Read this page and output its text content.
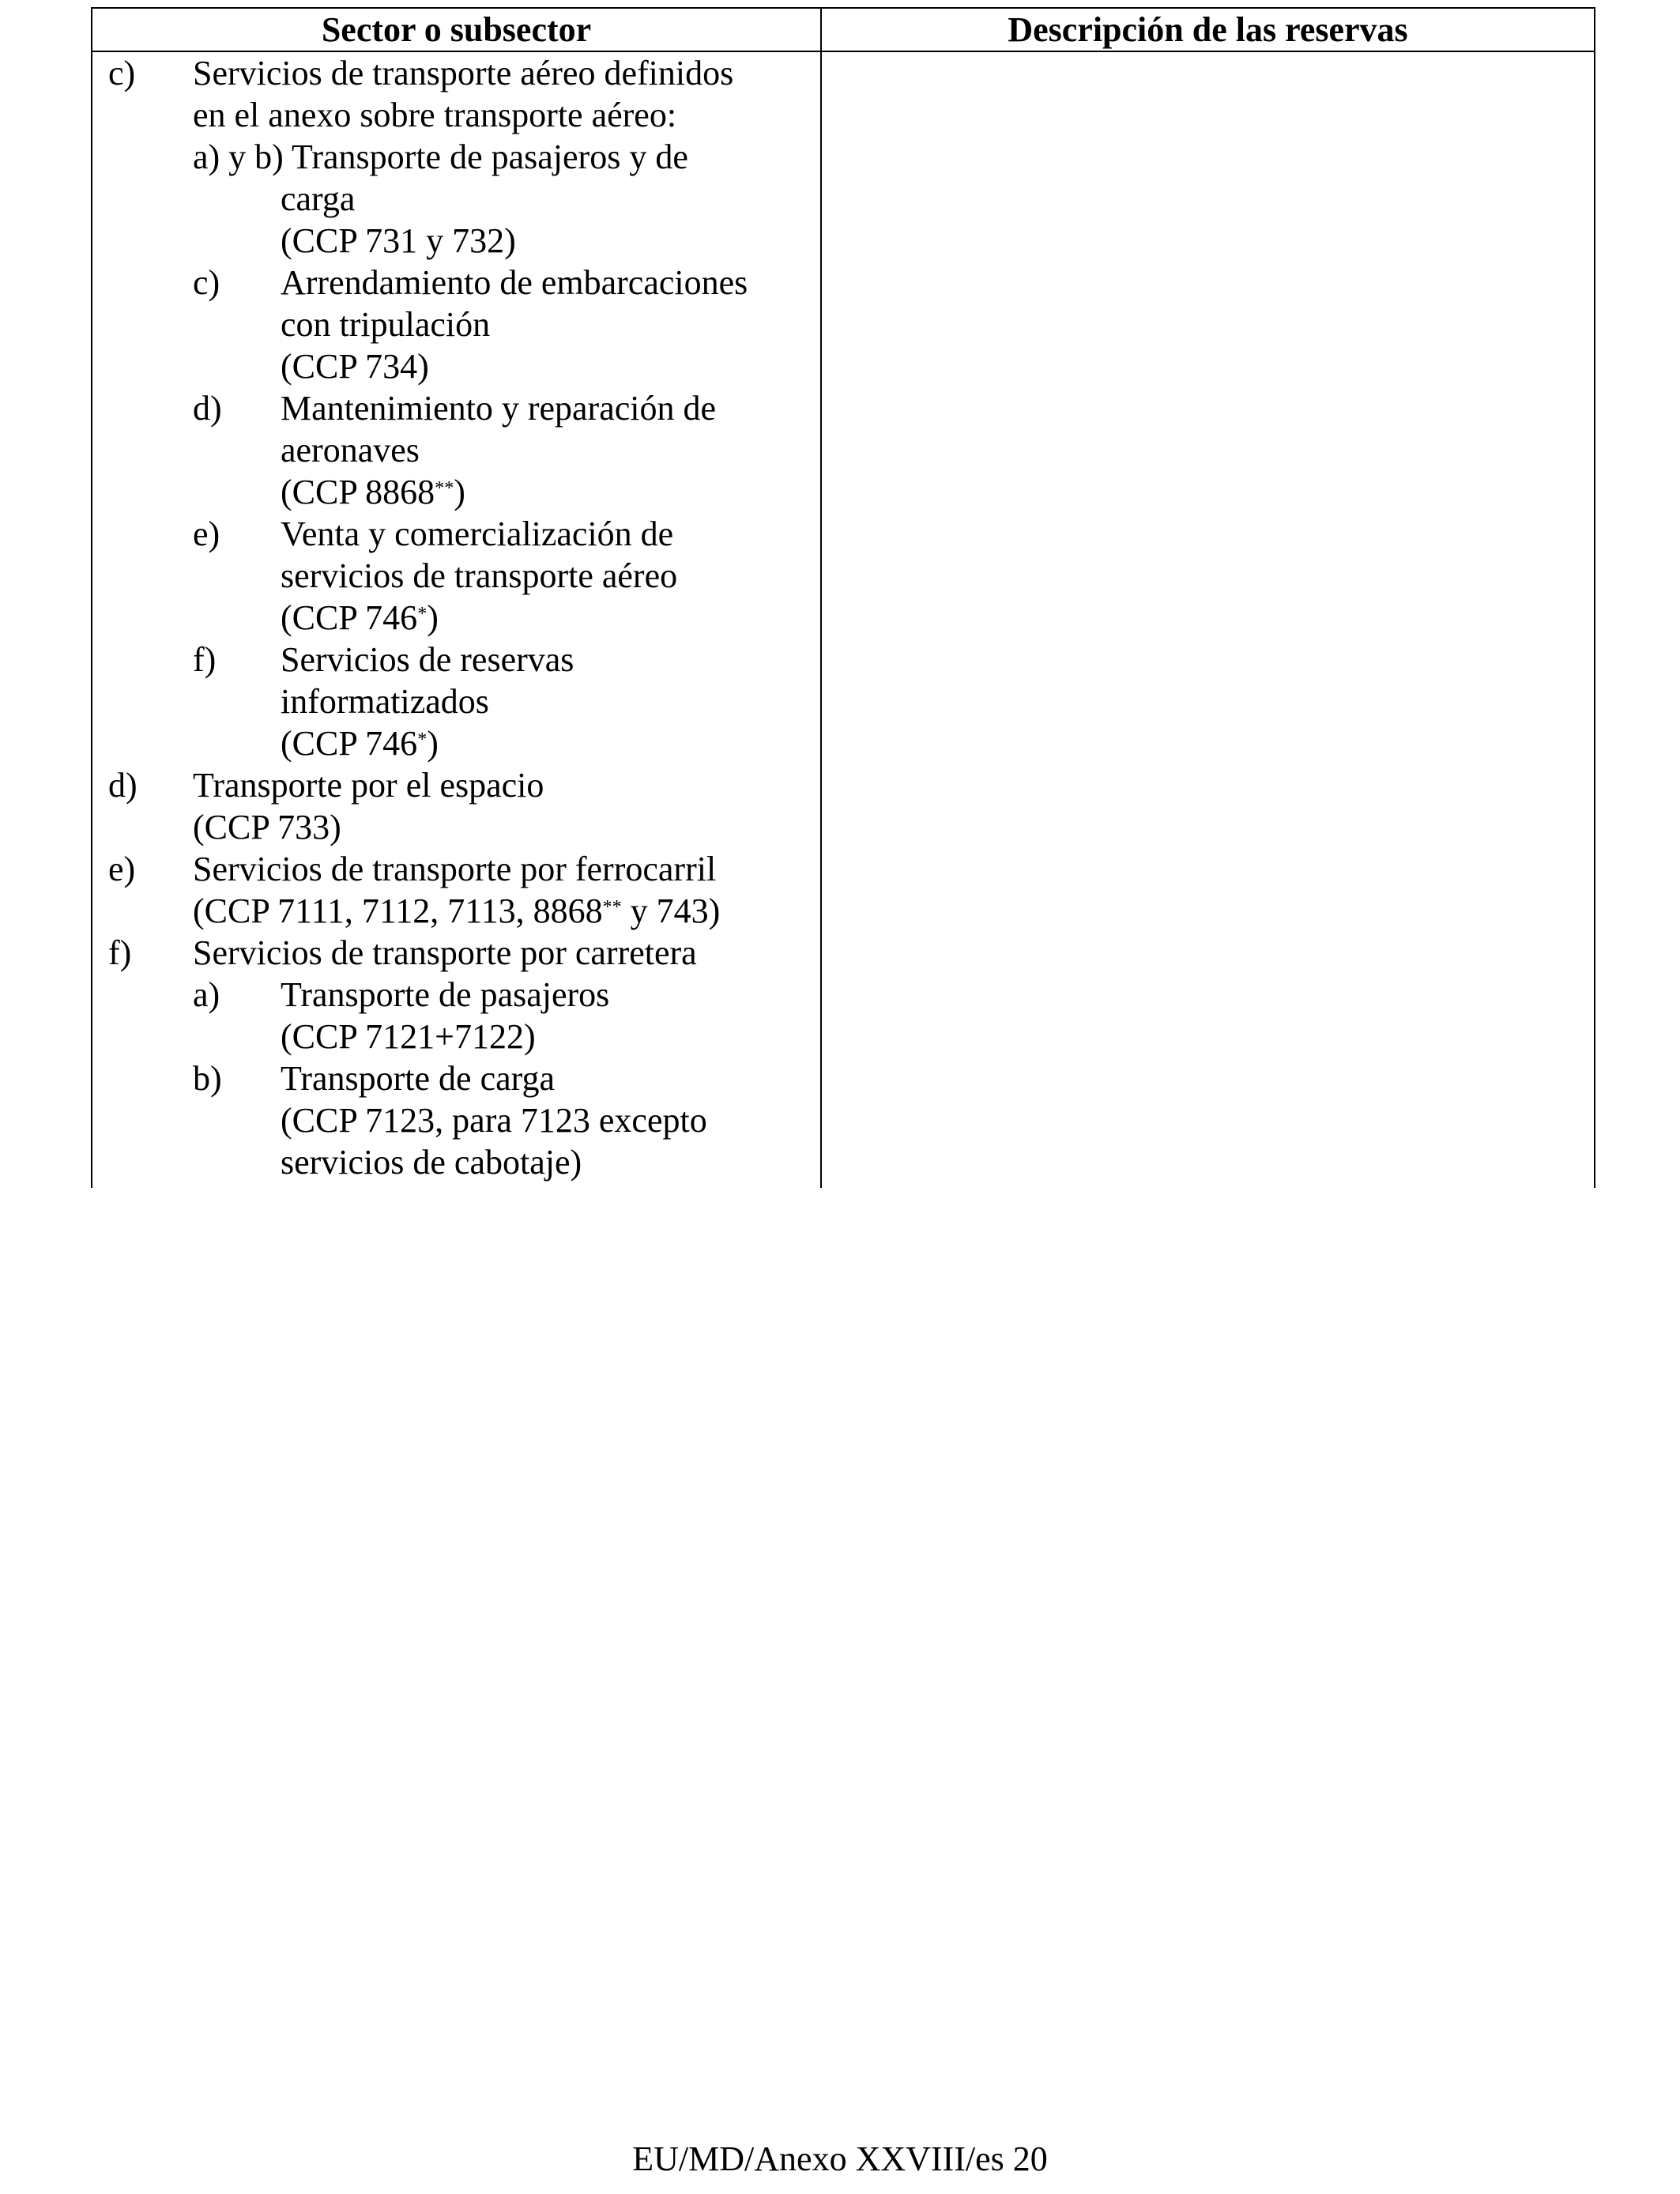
Sector o subsector	Descripción de las reservas
c) Servicios de transporte aéreo definidos
en el anexo sobre transporte aéreo:
a) y b) Transporte de pasajeros y de
carga
(CCP 731 y 732)
c) Arrendamiento de embarcaciones
con tripulación
(CCP 734)
d) Mantenimiento y reparación de
aeronaves
(CCP 8868**)
e) Venta y comercialización de
servicios de transporte aéreo
(CCP 746*)
f) Servicios de reservas
informatizados
(CCP 746*)
d) Transporte por el espacio
(CCP 733)
e) Servicios de transporte por ferrocarril
(CCP 7111, 7112, 7113, 8868** y 743)
f) Servicios de transporte por carretera
a) Transporte de pasajeros
(CCP 7121+7122)
b) Transporte de carga
(CCP 7123, para 7123 excepto
servicios de cabotaje)
EU/MD/Anexo XXVIII/es 20
